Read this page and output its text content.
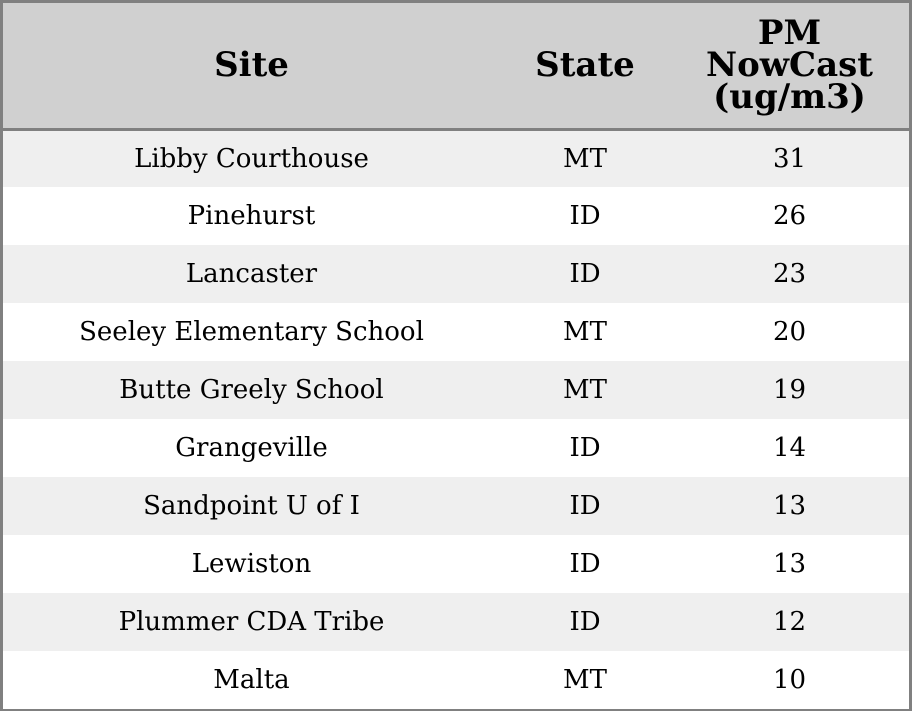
Site	State	PM
NowCast
(ug/m3)

Libby Courthouse	MT	31
Pinehurst	ID	26
Lancaster	ID	23
Seeley Elementary School	MT	20
Butte Greely School	MT	19
Grangeville	ID	14
Sandpoint U of I	ID	13
Lewiston	ID	13
Plummer CDA Tribe	ID	12
Malta	MT	10
